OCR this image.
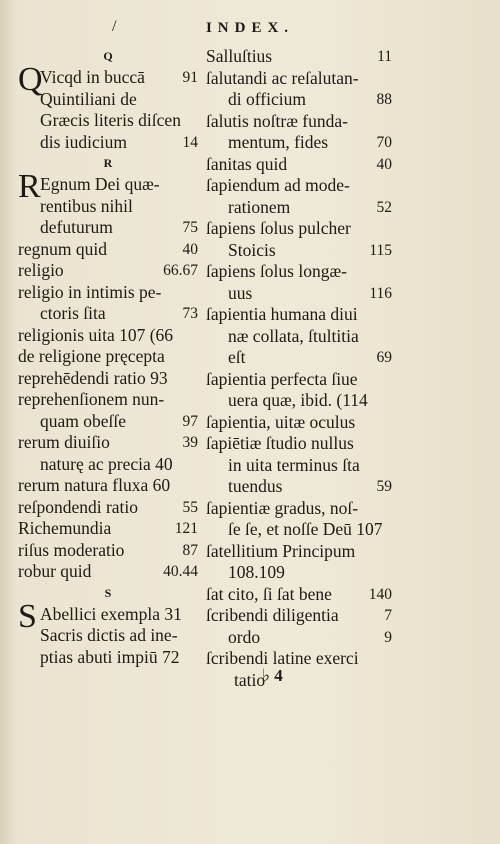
INDEX.
/
Q
Q
Vicqd in buccā 91
Quintiliani de
Græcis literis diſcen
dis iudicium	14
R
R Egnum Dei quæ-
rentibus nihil
defuturum	75
regnum quid	40
religio	66.67
religio in intimis pe-
ctoris ſita	73
religionis uita 107 (66
de religione pręcepta
reprehēdendi ratio 93
reprehenſionem nun-
quam obeſſe	97
rerum diuiſio	39
naturę ac precia 40
rerum natura fluxa 60
reſpondendi ratio	55
Richemundia	121
riſus moderatio	87
robur quid	40.44
S
S Abellici exempla 31
Sacris dictis ad ine-
ptias abuti impiū 72
Salluſtius	11
ſalutandi ac reſalutan-
di officium	88
ſalutis noſtræ funda-
mentum, fides	70
ſanitas quid	40
ſapiendum ad mode-
rationem	52
ſapiens ſolus pulcher
Stoicis	115
ſapiens ſolus longæ-
uus	116
ſapientia humana diui
næ collata, ſtultitia
eſt	69
ſapientia perfecta ſiue
uera quæ, ibid. (114
ſapientia, uitæ oculus
ſapiētiæ ſtudio nullus
in uita terminus ſta
tuendus	59
ſapientiæ gradus, noſ-
ſe ſe, et noſſe Deū 107
ſatellitium Principum
108.109
ſat cito, ſi ſat bene 140
ſcribendi diligentia	7
ordo	9
ſcribendi latine exerci
tatio
♭ 4
